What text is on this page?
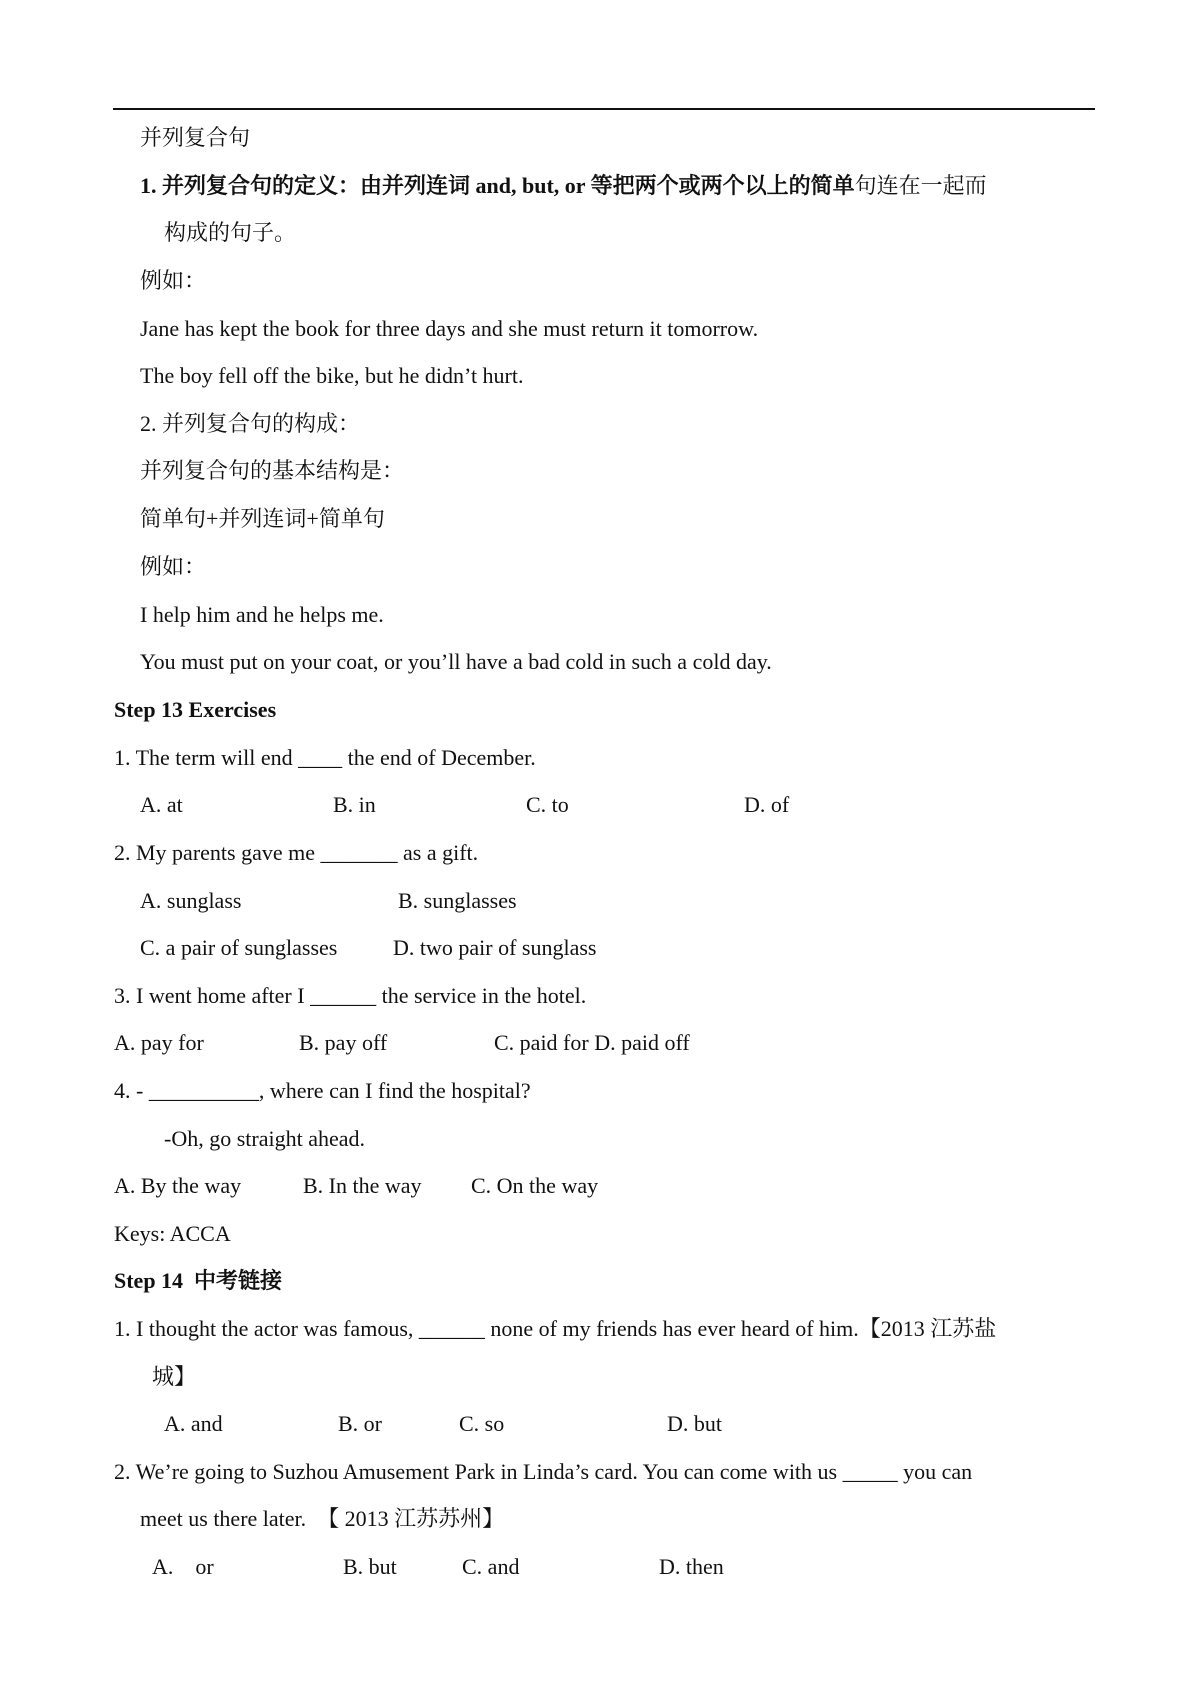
并列复合句
1. 并列复合句的定义：由并列连词 and, but, or 等把两个或两个以上的简单句连在一起而
构成的句子。
例如：
Jane has kept the book for three days and she must return it tomorrow.
The boy fell off the bike, but he didn’t hurt.
2. 并列复合句的构成：
并列复合句的基本结构是：
简单句+并列连词+简单句
例如：
I help him and he helps me.
You must put on your coat, or you’ll have a bad cold in such a cold day.
Step 13 Exercises
1. The term will end ____ the end of December.
A. at	B. in	C. to	D. of
2. My parents gave me _______ as a gift.
A. sunglass	B. sunglasses
C. a pair of sunglasses	D. two pair of sunglass
3. I went home after I ______ the service in the hotel.
A. pay for	B. pay off	C. paid for D. paid off
4. - __________, where can I find the hospital?
-Oh, go straight ahead.
A. By the way	B. In the way C. On the way
Keys: ACCA
Step 14  中考链接
1. I thought the actor was famous, ______ none of my friends has ever heard of him.【2013 江苏盐
城】
A. and	B. or	C. so	D. but
2. We’re going to Suzhou Amusement Park in Linda’s card. You can come with us _____ you can
meet us there later.  【 2013 江苏苏州】
A.    or	B. but	C. and	D. then
